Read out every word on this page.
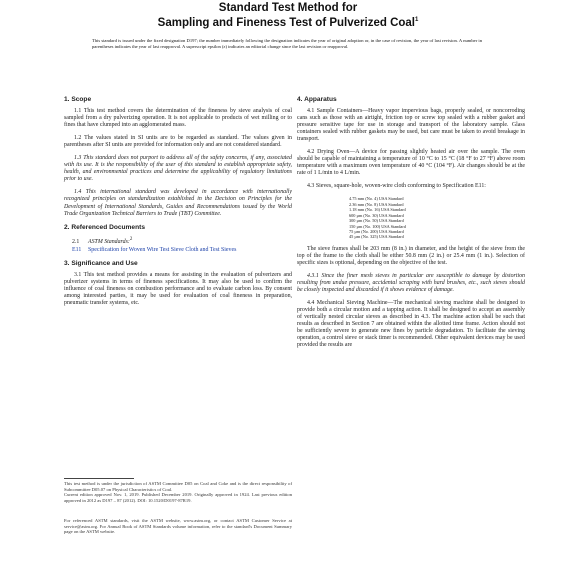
Standard Test Method for
Sampling and Fineness Test of Pulverized Coal$^1$
This standard is issued under the fixed designation D197; the number immediately following the designation indicates the year of original adoption or, in the case of revision, the year of last revision. A number in parentheses indicates the year of last reapproval. A superscript epsilon (ε) indicates an editorial change since the last revision or reapproval.
1. Scope

1.1 This test method covers the determination of the fineness by sieve analysis of coal sampled from a dry pulverizing operation. It is not applicable to products of wet milling or to fines that have clumped into an agglomerated mass.

1.2 The values stated in SI units are to be regarded as standard. The values given in parentheses after SI units are provided for information only and are not considered standard.

1.3 This standard does not purport to address all of the safety concerns, if any, associated with its use. It is the responsibility of the user of this standard to establish appropriate safety, health, and environmental practices and determine the applicability of regulatory limitations prior to use.

1.4 This international standard was developed in accordance with internationally recognized principles on standardization established in the Decision on Principles for the Development of International Standards, Guides and Recommendations issued by the World Trade Organization Technical Barriers to Trade (TBT) Committee.

2. Referenced Documents

2.1 ASTM Standards:$^2$

E11 Specification for Woven Wire Test Sieve Cloth and Test Sieves

3. Significance and Use

3.1 This test method provides a means for assisting in the evaluation of pulverizers and pulverizer systems in terms of fineness specifications. It may also be used to confirm the influence of coal fineness on combustion performance and to evaluate carbon loss. By consent among interested parties, it may be used for evaluation of coal fineness in preparation, pneumatic transfer systems, etc.

This test method is under the jurisdiction of ASTM Committee D05 on Coal and Coke and is the direct responsibility of Subcommittee D05.07 on Physical Characteristics of Coal.
Current edition approved Nov. 1, 2019. Published December 2019. Originally approved in 1924. Last previous edition approved in 2012 as D197 – 87 (2012). DOI: 10.1520/D0197-87R19.
For referenced ASTM standards, visit the ASTM website, www.astm.org, or contact ASTM Customer Service at service@astm.org. For Annual Book of ASTM Standards volume information, refer to the standard's Document Summary page on the ASTM website.
4. Apparatus

4.1 Sample Containers—Heavy vapor impervious bags, properly sealed, or noncorroding cans such as those with an airtight, friction top or screw top sealed with a rubber gasket and pressure sensitive tape for use in storage and transport of the laboratory sample. Glass containers sealed with rubber gaskets may be used, but care must be taken to avoid breakage in transport.

4.2 Drying Oven—A device for passing slightly heated air over the sample. The oven should be capable of maintaining a temperature of 10 °C to 15 °C (18 °F to 27 °F) above room temperature with a maximum oven temperature of 40 °C (104 °F). Air changes should be at the rate of 1 L/min to 4 L/min.

4.3 Sieves, square-hole, woven-wire cloth conforming to Specification E11:

4.75 mm (No. 4) USA Standard
2.36 mm (No. 8) USA Standard
1.18 mm (No. 16) USA Standard
600 µm (No. 30) USA Standard
300 µm (No. 50) USA Standard
150 µm (No. 100) USA Standard
75 µm (No. 200) USA Standard
45 µm (No. 325) USA Standard

The sieve frames shall be 203 mm (8 in.) in diameter, and the height of the sieve from the top of the frame to the cloth shall be either 50.8 mm (2 in.) or 25.4 mm (1 in.). Selection of specific sizes is optional, depending on the objective of the test.

4.3.1 Since the finer mesh sieves in particular are susceptible to damage by distortion resulting from undue pressure, accidental scraping with hard brushes, etc., such sieves should be closely inspected and discarded if it shows evidence of damage.

4.4 Mechanical Sieving Machine—The mechanical sieving machine shall be designed to provide both a circular motion and a tapping action. It shall be designed to accept an assembly of vertically nested circular sieves as described in 4.3. The machine action shall be such that results as described in Section 7 are obtained within the allotted time frame. Action should not be sufficiently severe to generate new fines by particle degradation. To facilitate the sieving operation, a control sieve or stack timer is recommended. Other equivalent devices may be used provided the results are
